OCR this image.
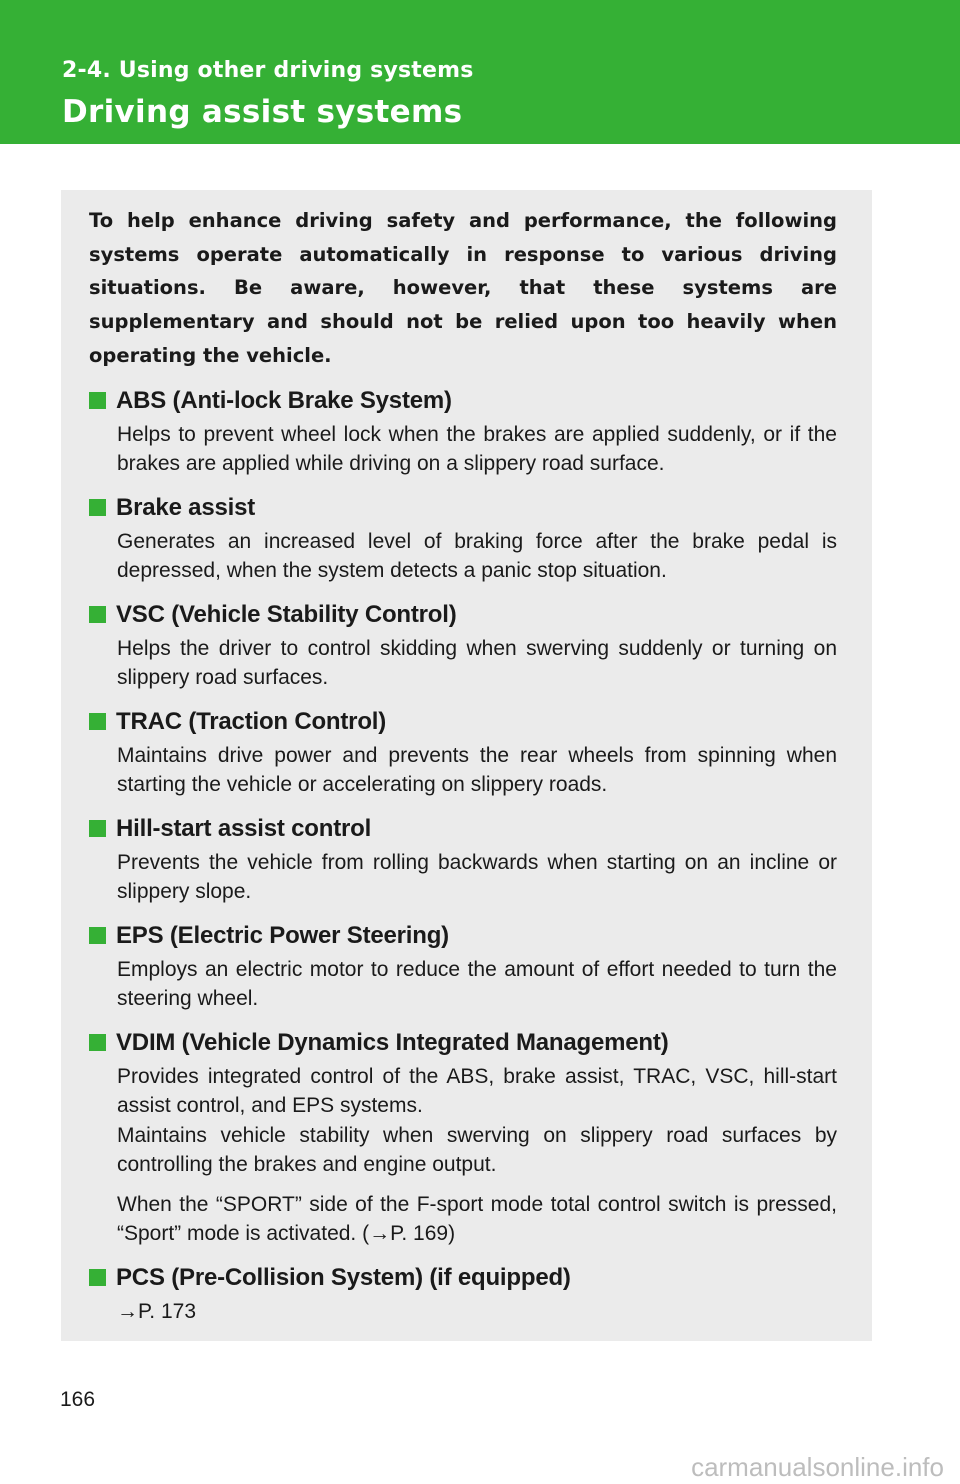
2-4. Using other driving systems
Driving assist systems

To help enhance driving safety and performance, the following systems operate automatically in response to various driving situations. Be aware, however, that these systems are supplementary and should not be relied upon too heavily when operating the vehicle.

ABS (Anti-lock Brake System)

Helps to prevent wheel lock when the brakes are applied suddenly, or if the brakes are applied while driving on a slippery road surface.

Brake assist

Generates an increased level of braking force after the brake pedal is depressed, when the system detects a panic stop situation.

VSC (Vehicle Stability Control)

Helps the driver to control skidding when swerving suddenly or turning on slippery road surfaces.

TRAC (Traction Control)

Maintains drive power and prevents the rear wheels from spinning when starting the vehicle or accelerating on slippery roads.

Hill-start assist control

Prevents the vehicle from rolling backwards when starting on an incline or slippery slope.

EPS (Electric Power Steering)

Employs an electric motor to reduce the amount of effort needed to turn the steering wheel.

VDIM (Vehicle Dynamics Integrated Management)

Provides integrated control of the ABS, brake assist, TRAC, VSC, hill-start assist control, and EPS systems.

Maintains vehicle stability when swerving on slippery road surfaces by controlling the brakes and engine output.

When the “SPORT” side of the F-sport mode total control switch is pressed, “Sport” mode is activated. (→P. 169)

PCS (Pre-Collision System) (if equipped)

→P. 173

166
carmanualsonline.info
